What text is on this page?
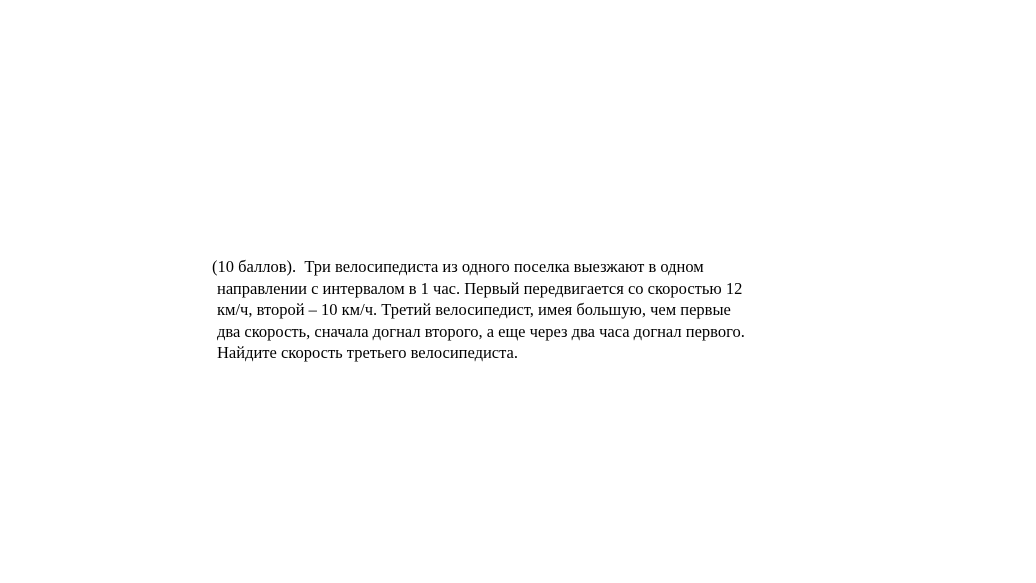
(10 баллов).  Три велосипедиста из одного поселка выезжают в одном
направлении с интервалом в 1 час. Первый передвигается со скоростью 12
км/ч, второй – 10 км/ч. Третий велосипедист, имея большую, чем первые
два скорость, сначала догнал второго, а еще через два часа догнал первого.
Найдите скорость третьего велосипедиста.
